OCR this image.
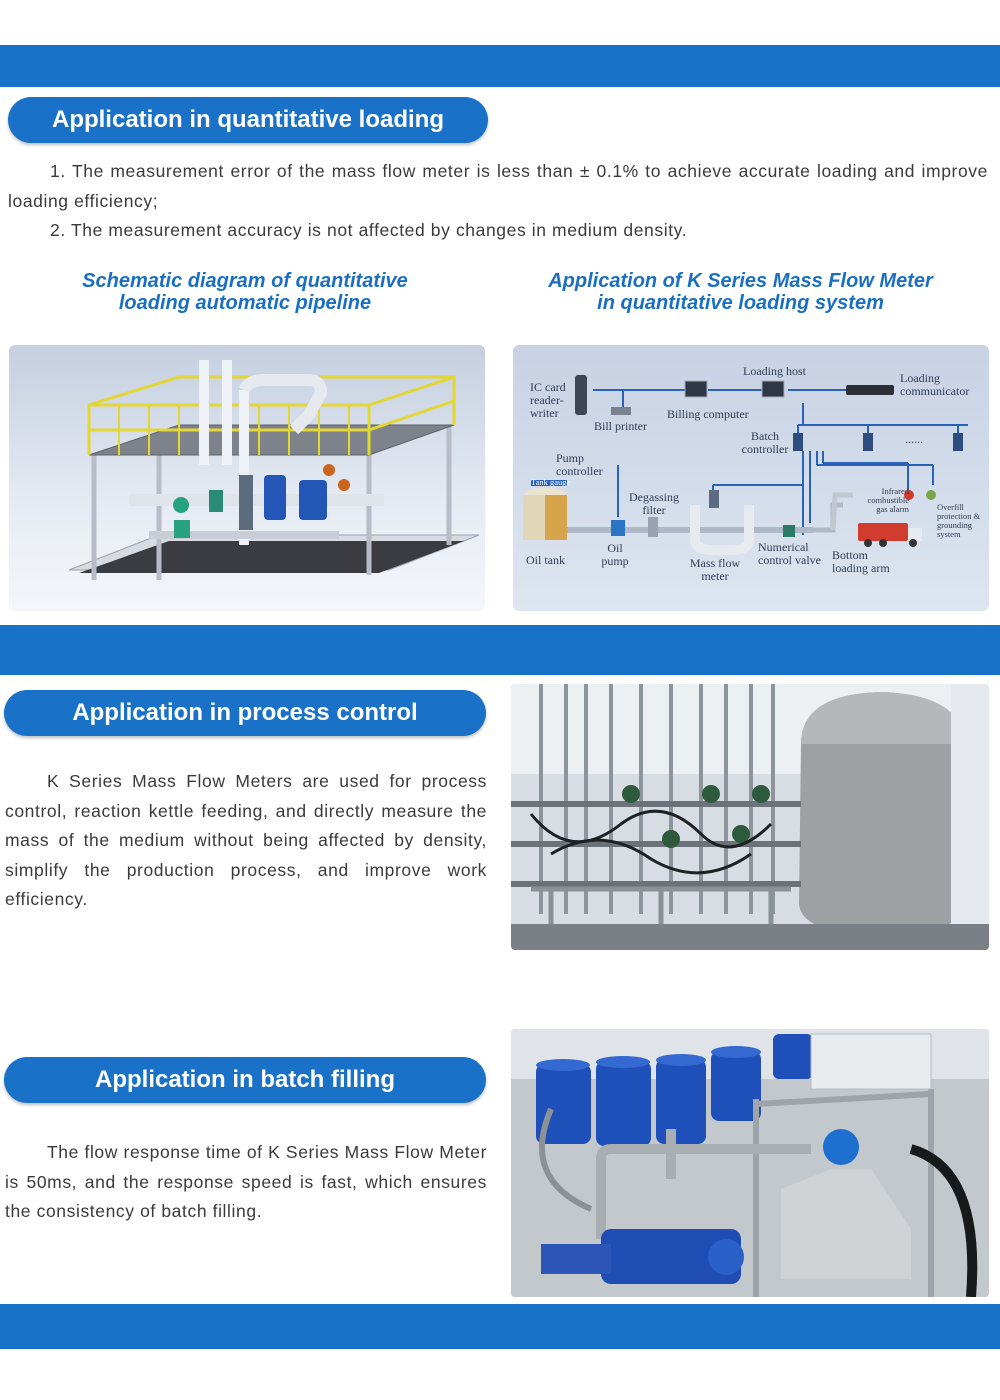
Application in quantitative loading
1. The measurement error of the mass flow meter is less than ± 0.1% to achieve accurate loading and improve loading efficiency;
2. The measurement accuracy is not affected by changes in medium density.
Schematic diagram of quantitative
loading automatic pipeline
Application of K Series Mass Flow Meter
in quantitative loading system
IC card reader-writer
Bill printer
Billing computer
Loading host	Loading communicator
Batch controller
......
Pump controller
Tank gauge
Degassing filter
Oil tank
Oil pump	Mass flow meter
Numerical control valve Bottom loading arm
Infrared combustible gas alarm	Overfill protection & grounding system
Application in process control
K Series Mass Flow Meters are used for process control, reaction kettle feeding, and directly measure the mass of the medium without being affected by density, simplify the production process, and improve work efficiency.
Application in batch filling
The flow response time of K Series Mass Flow Meter is 50ms, and the response speed is fast, which ensures the consistency of batch filling.
